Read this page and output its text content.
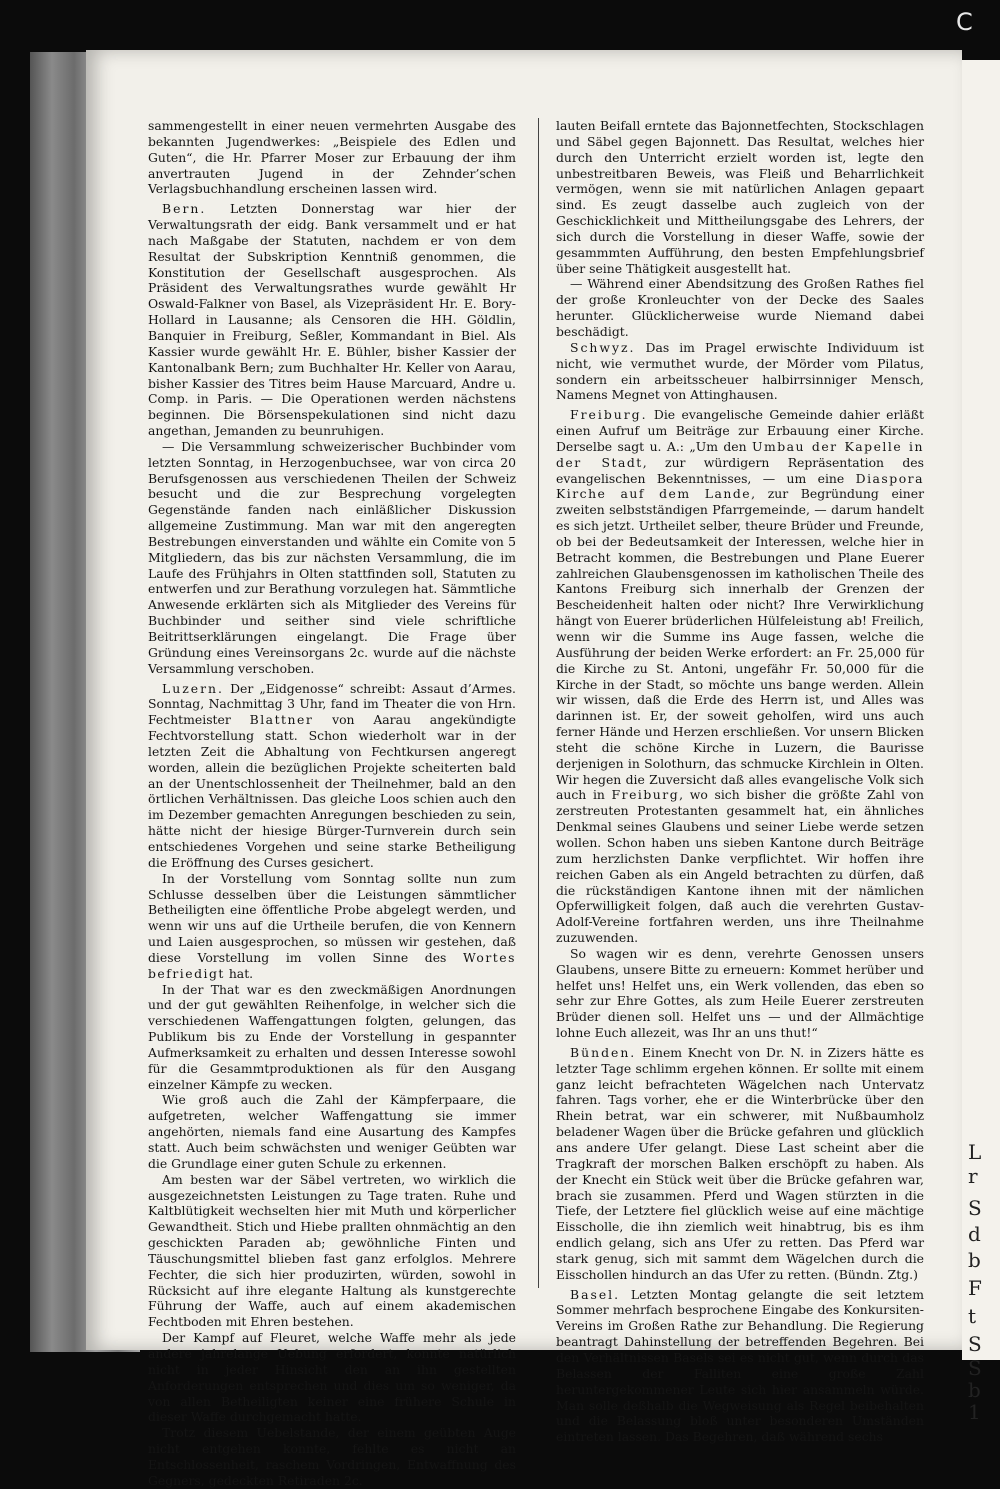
C
L
r
S
d
b
F
t
S
S
b
1

sammengestellt in einer neuen vermehrten Ausgabe des bekannten Jugendwerkes: „Beispiele des Edlen und Guten“, die Hr. Pfarrer Moser zur Erbauung der ihm anvertrauten Jugend in der Zehnder’schen Verlagsbuchhandlung erscheinen lassen wird.

Bern. Letzten Donnerstag war hier der Verwaltungsrath der eidg. Bank versammelt und er hat nach Maßgabe der Statuten, nachdem er von dem Resultat der Subskription Kenntniß genommen, die Konstitution der Gesellschaft ausgesprochen. Als Präsident des Verwaltungsrathes wurde gewählt Hr Oswald-Falkner von Basel, als Vizepräsident Hr. E. Bory-Hollard in Lausanne; als Censoren die HH. Göldlin, Banquier in Freiburg, Seßler, Kommandant in Biel. Als Kassier wurde gewählt Hr. E. Bühler, bisher Kassier der Kantonalbank Bern; zum Buchhalter Hr. Keller von Aarau, bisher Kassier des Titres beim Hause Marcuard, Andre u. Comp. in Paris. — Die Operationen werden nächstens beginnen. Die Börsenspekulationen sind nicht dazu angethan, Jemanden zu beunruhigen.

— Die Versammlung schweizerischer Buchbinder vom letzten Sonntag, in Herzogenbuchsee, war von circa 20 Berufsgenossen aus verschiedenen Theilen der Schweiz besucht und die zur Besprechung vorgelegten Gegenstände fanden nach einläßlicher Diskussion allgemeine Zustimmung. Man war mit den angeregten Bestrebungen einverstanden und wählte ein Comite von 5 Mitgliedern, das bis zur nächsten Versammlung, die im Laufe des Frühjahrs in Olten stattfinden soll, Statuten zu entwerfen und zur Berathung vorzulegen hat. Sämmtliche Anwesende erklärten sich als Mitglieder des Vereins für Buchbinder und seither sind viele schriftliche Beitrittserklärungen eingelangt. Die Frage über Gründung eines Vereinsorgans 2c. wurde auf die nächste Versammlung verschoben.

Luzern. Der „Eidgenosse“ schreibt: Assaut d’Armes. Sonntag, Nachmittag 3 Uhr, fand im Theater die von Hrn. Fechtmeister Blattner von Aarau angekündigte Fechtvorstellung statt. Schon wiederholt war in der letzten Zeit die Abhaltung von Fechtkursen angeregt worden, allein die bezüglichen Projekte scheiterten bald an der Unentschlossenheit der Theilnehmer, bald an den örtlichen Verhältnissen. Das gleiche Loos schien auch den im Dezember gemachten Anregungen beschieden zu sein, hätte nicht der hiesige Bürger-Turnverein durch sein entschiedenes Vorgehen und seine starke Betheiligung die Eröffnung des Curses gesichert.

In der Vorstellung vom Sonntag sollte nun zum Schlusse desselben über die Leistungen sämmtlicher Betheiligten eine öffentliche Probe abgelegt werden, und wenn wir uns auf die Urtheile berufen, die von Kennern und Laien ausgesprochen, so müssen wir gestehen, daß diese Vorstellung im vollen Sinne des Wortes befriedigt hat.

In der That war es den zweckmäßigen Anordnungen und der gut gewählten Reihenfolge, in welcher sich die verschiedenen Waffengattungen folgten, gelungen, das Publikum bis zu Ende der Vorstellung in gespannter Aufmerksamkeit zu erhalten und dessen Interesse sowohl für die Gesammtproduktionen als für den Ausgang einzelner Kämpfe zu wecken.

Wie groß auch die Zahl der Kämpferpaare, die aufgetreten, welcher Waffengattung sie immer angehörten, niemals fand eine Ausartung des Kampfes statt. Auch beim schwächsten und weniger Geübten war die Grundlage einer guten Schule zu erkennen.

Am besten war der Säbel vertreten, wo wirklich die ausgezeichnetsten Leistungen zu Tage traten. Ruhe und Kaltblütigkeit wechselten hier mit Muth und körperlicher Gewandtheit. Stich und Hiebe prallten ohnmächtig an den geschickten Paraden ab; gewöhnliche Finten und Täuschungsmittel blieben fast ganz erfolglos. Mehrere Fechter, die sich hier produzirten, würden, sowohl in Rücksicht auf ihre elegante Haltung als kunstgerechte Führung der Waffe, auch auf einem akademischen Fechtboden mit Ehren bestehen.

Der Kampf auf Fleuret, welche Waffe mehr als jede andere jahrelange Uebung erfordert, konnte natürlich nicht in jeder Hinsicht den an ihn gestellten Anforderungen entsprechen und dies um so weniger, da von allen Betheiligten keiner eine frühere Schule in dieser Waffe durchgemacht hatte.

Trotz diesem Uebelstande, der einem geübten Auge nicht entgehen konnte, fehlte es nicht an Entschlossenheit, raschem Vordringen, Entwaffnung des Gegners, gedeckten Retiraden 2c.

lauten Beifall erntete das Bajonnetfechten, Stockschlagen und Säbel gegen Bajonnett. Das Resultat, welches hier durch den Unterricht erzielt worden ist, legte den unbestreitbaren Beweis, was Fleiß und Beharrlichkeit vermögen, wenn sie mit natürlichen Anlagen gepaart sind. Es zeugt dasselbe auch zugleich von der Geschicklichkeit und Mittheilungsgabe des Lehrers, der sich durch die Vorstellung in dieser Waffe, sowie der gesammmten Aufführung, den besten Empfehlungsbrief über seine Thätigkeit ausgestellt hat.

— Während einer Abendsitzung des Großen Rathes fiel der große Kronleuchter von der Decke des Saales herunter. Glücklicherweise wurde Niemand dabei beschädigt.

Schwyz. Das im Pragel erwischte Individuum ist nicht, wie vermuthet wurde, der Mörder vom Pilatus, sondern ein arbeitsscheuer halbirrsinniger Mensch, Namens Megnet von Attinghausen.

Freiburg. Die evangelische Gemeinde dahier erläßt einen Aufruf um Beiträge zur Erbauung einer Kirche. Derselbe sagt u. A.: „Um den Umbau der Kapelle in der Stadt, zur würdigern Repräsentation des evangelischen Bekenntnisses, — um eine Diaspora Kirche auf dem Lande, zur Begründung einer zweiten selbstständigen Pfarrgemeinde, — darum handelt es sich jetzt. Urtheilet selber, theure Brüder und Freunde, ob bei der Bedeutsamkeit der Interessen, welche hier in Betracht kommen, die Bestrebungen und Plane Euerer zahlreichen Glaubensgenossen im katholischen Theile des Kantons Freiburg sich innerhalb der Grenzen der Bescheidenheit halten oder nicht? Ihre Verwirklichung hängt von Euerer brüderlichen Hülfeleistung ab! Freilich, wenn wir die Summe ins Auge fassen, welche die Ausführung der beiden Werke erfordert: an Fr. 25,000 für die Kirche zu St. Antoni, ungefähr Fr. 50,000 für die Kirche in der Stadt, so möchte uns bange werden. Allein wir wissen, daß die Erde des Herrn ist, und Alles was darinnen ist. Er, der soweit geholfen, wird uns auch ferner Hände und Herzen erschließen. Vor unsern Blicken steht die schöne Kirche in Luzern, die Baurisse derjenigen in Solothurn, das schmucke Kirchlein in Olten. Wir hegen die Zuversicht daß alles evangelische Volk sich auch in Freiburg, wo sich bisher die größte Zahl von zerstreuten Protestanten gesammelt hat, ein ähnliches Denkmal seines Glaubens und seiner Liebe werde setzen wollen. Schon haben uns sieben Kantone durch Beiträge zum herzlichsten Danke verpflichtet. Wir hoffen ihre reichen Gaben als ein Angeld betrachten zu dürfen, daß die rückständigen Kantone ihnen mit der nämlichen Opferwilligkeit folgen, daß auch die verehrten Gustav-Adolf-Vereine fortfahren werden, uns ihre Theilnahme zuzuwenden.

So wagen wir es denn, verehrte Genossen unsers Glaubens, unsere Bitte zu erneuern: Kommet herüber und helfet uns! Helfet uns, ein Werk vollenden, das eben so sehr zur Ehre Gottes, als zum Heile Euerer zerstreuten Brüder dienen soll. Helfet uns — und der Allmächtige lohne Euch allezeit, was Ihr an uns thut!“

Bünden. Einem Knecht von Dr. N. in Zizers hätte es letzter Tage schlimm ergehen können. Er sollte mit einem ganz leicht befrachteten Wägelchen nach Untervatz fahren. Tags vorher, ehe er die Winterbrücke über den Rhein betrat, war ein schwerer, mit Nußbaumholz beladener Wagen über die Brücke gefahren und glücklich ans andere Ufer gelangt. Diese Last scheint aber die Tragkraft der morschen Balken erschöpft zu haben. Als der Knecht ein Stück weit über die Brücke gefahren war, brach sie zusammen. Pferd und Wagen stürzten in die Tiefe, der Letztere fiel glücklich weise auf eine mächtige Eisscholle, die ihn ziemlich weit hinabtrug, bis es ihm endlich gelang, sich ans Ufer zu retten. Das Pferd war stark genug, sich mit sammt dem Wägelchen durch die Eisschollen hindurch an das Ufer zu retten. (Bündn. Ztg.)

Basel. Letzten Montag gelangte die seit letztem Sommer mehrfach besprochene Eingabe des Konkursiten-Vereins im Großen Rathe zur Behandlung. Die Regierung beantragt Dahinstellung der betreffenden Begehren. Bei den Verhältnissen Basels sei es nicht gut, wenn durch das Belassen der Falliten eine große Zahl heruntergekommener Leute sich hier ansammeln würde. Man solle deßhalb die Wegweisung als Regel beibehalten und die Belassung bloß unter besonderen Umständen eintreten lassen. Das Begehren, daß während sechs
